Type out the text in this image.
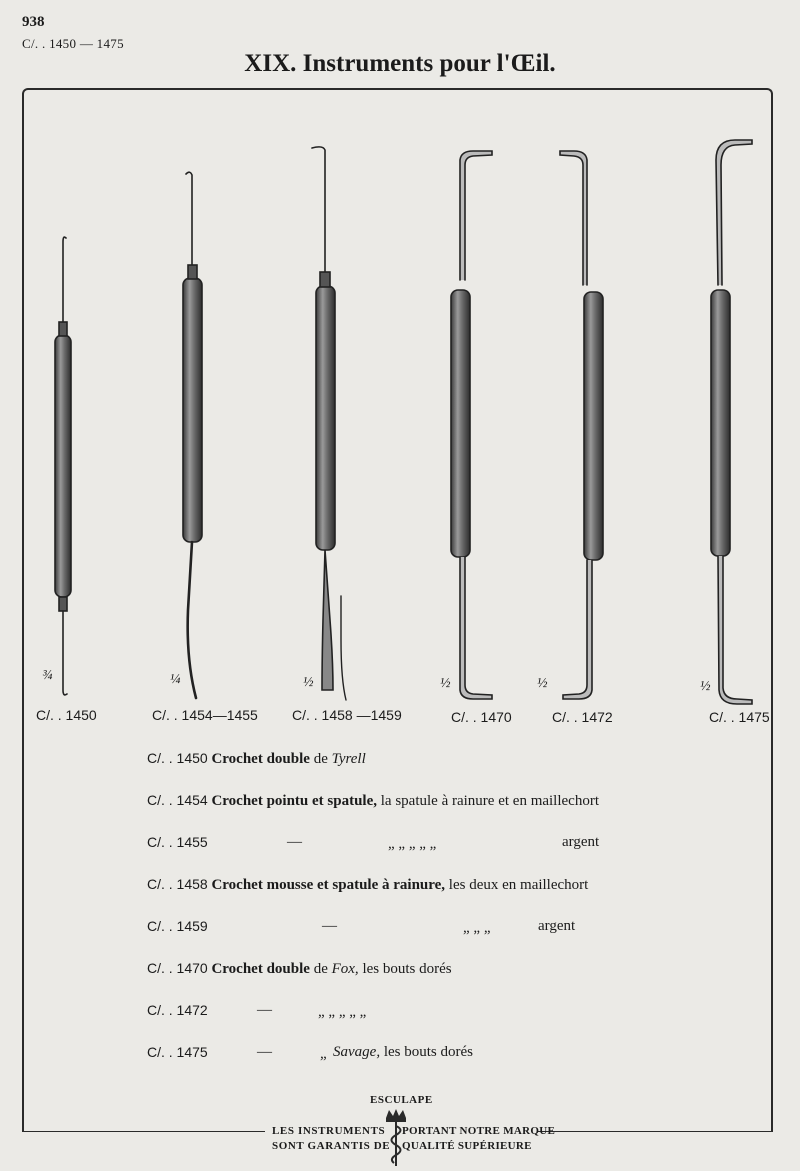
938
C/. . 1450 — 1475
XIX. Instruments pour l'Œil.
¾	¼	½	½	½	½
C/. . 1450	C/. . 1454—1455 C/. . 1458 —1459	C/. . 1470	C/. . 1472	C/. . 1475
C/. . 1450 Crochet double de Tyrell
C/. . 1454 Crochet pointu et spatule, la spatule à rainure et en maillechort
C/. . 1455	—	„ „ „ „ „	argent
C/. . 1458 Crochet mousse et spatule à rainure, les deux en maillechort
C/. . 1459	—	„ „ „	argent
C/. . 1470 Crochet double de Fox, les bouts dorés
C/. . 1472	—	„ „ „ „ „
C/. . 1475	—	„ Savage, les bouts dorés
ESCULAPE
LES INSTRUMENTS
SONT GARANTIS DE
PORTANT NOTRE MARQUE
QUALITÉ SUPÉRIEURE
